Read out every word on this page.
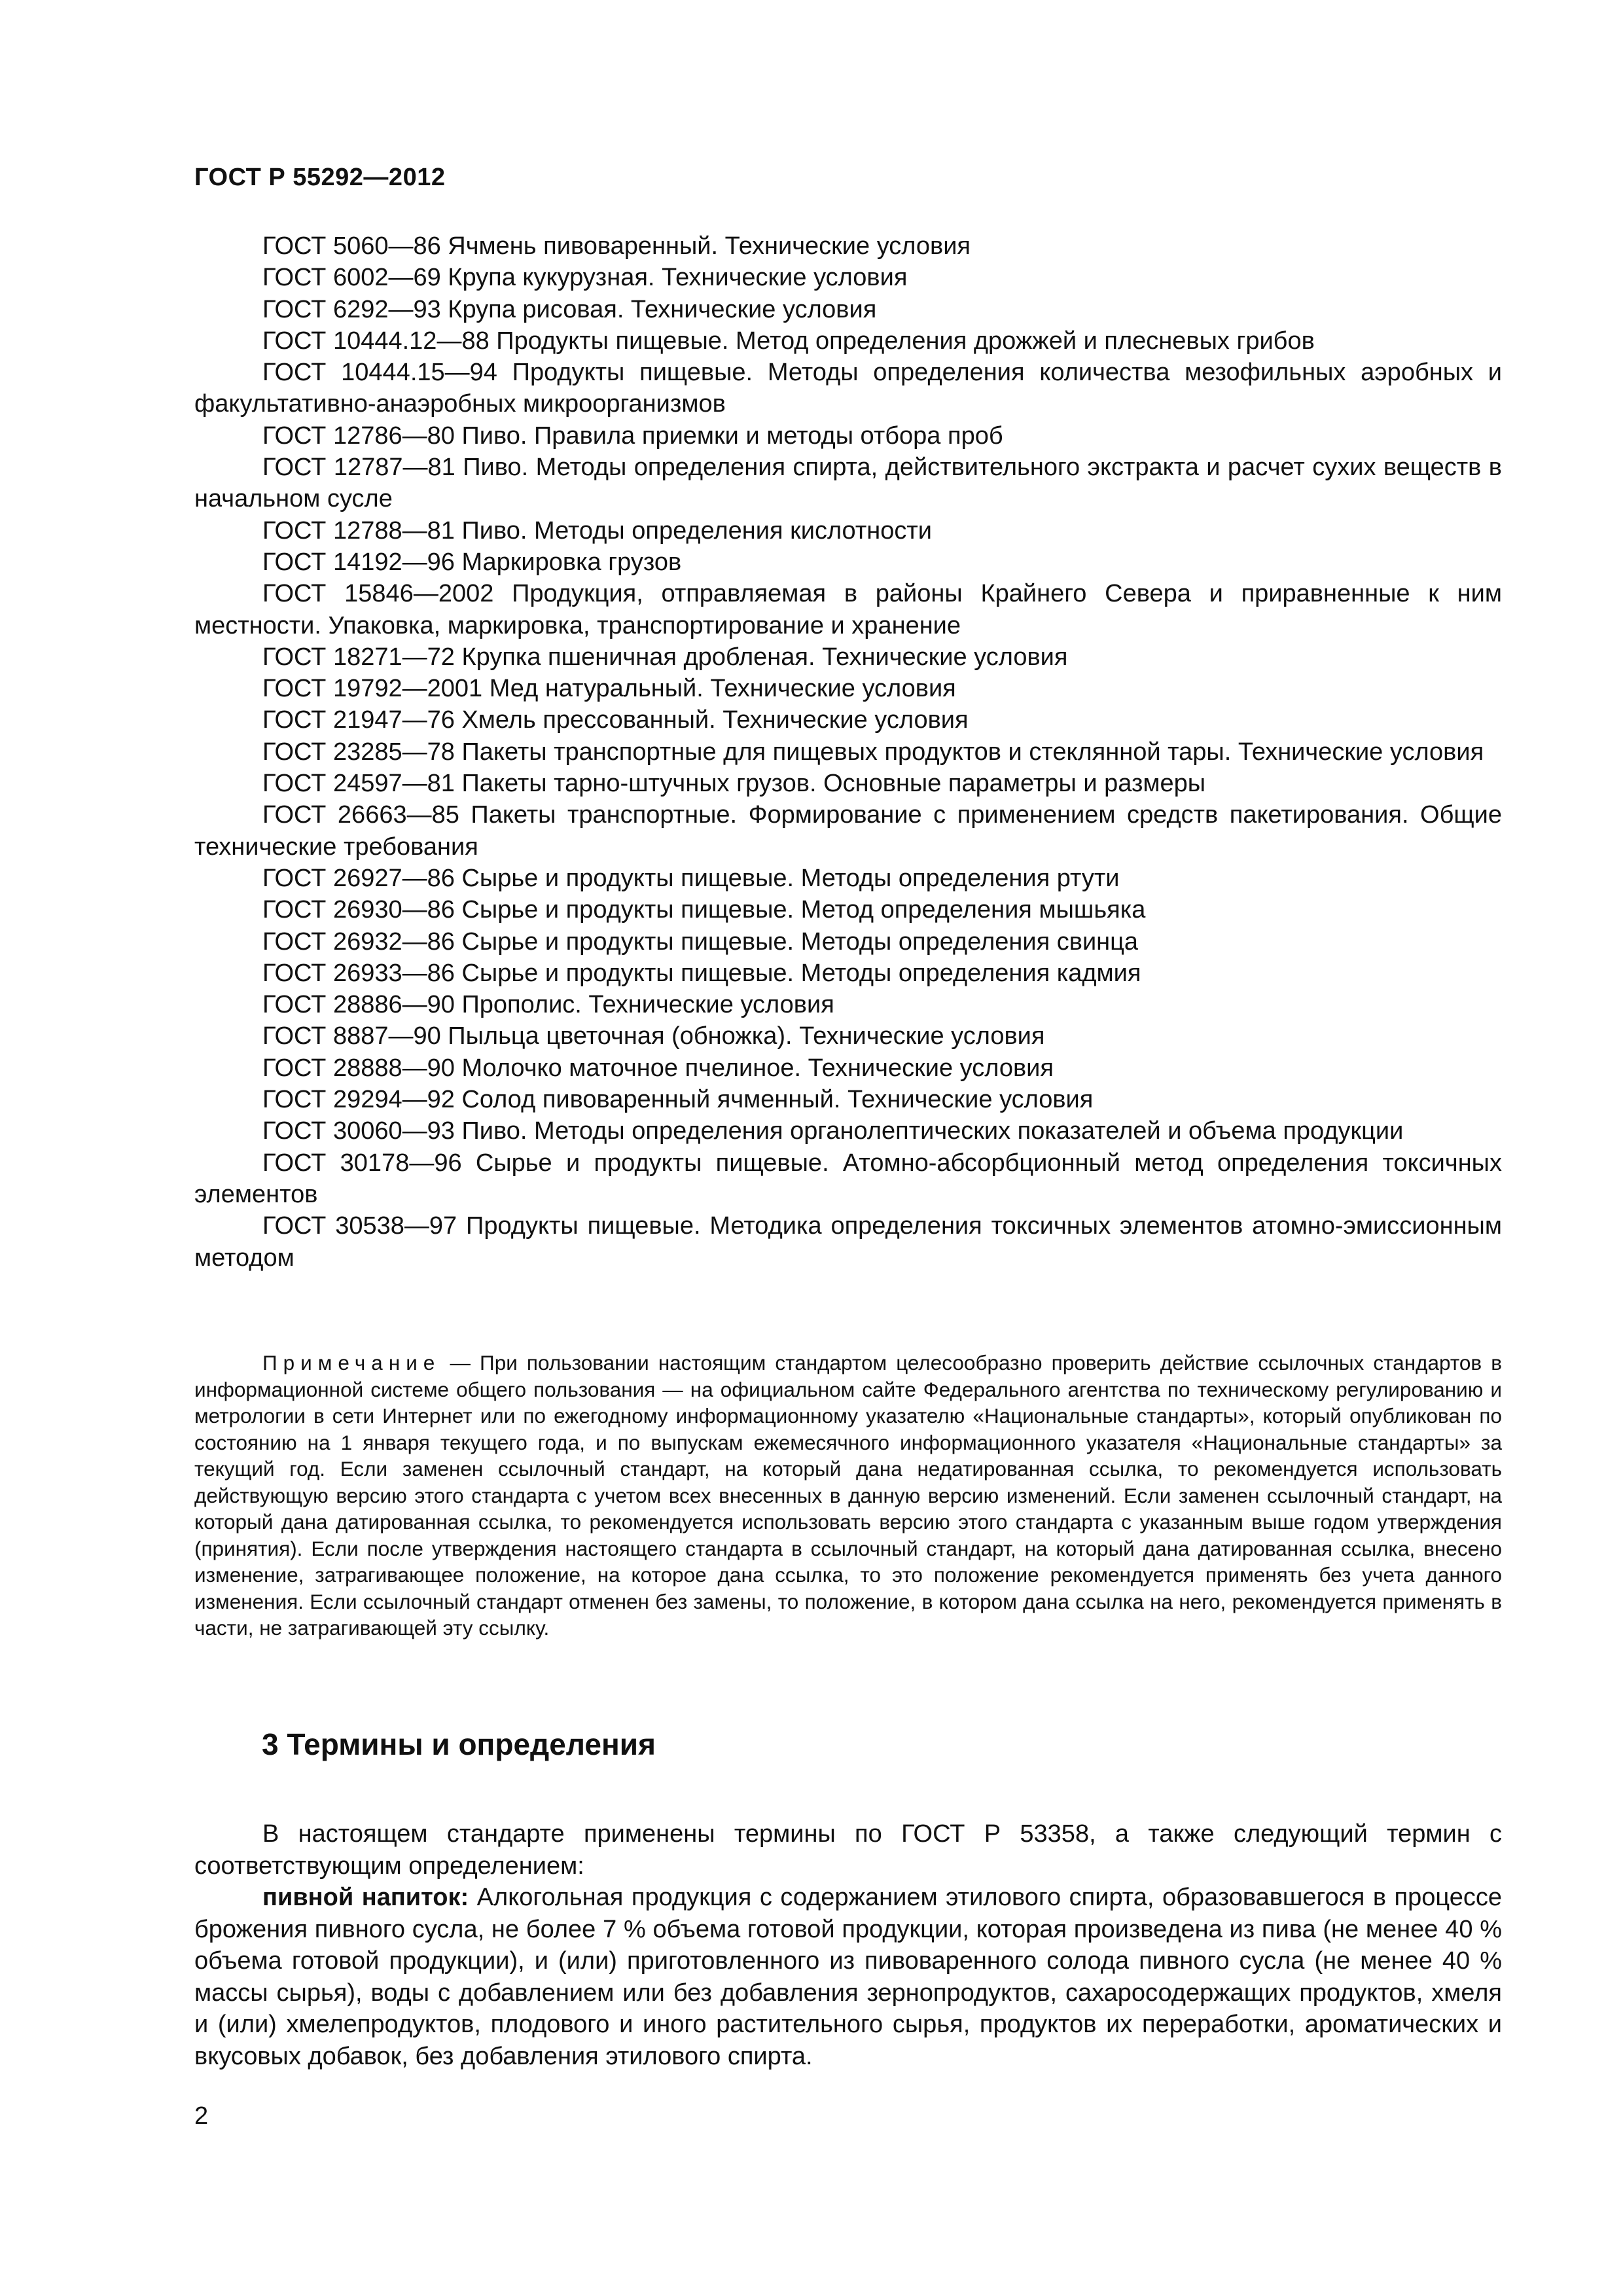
ГОСТ Р 55292—2012

ГОСТ 5060—86 Ячмень пивоваренный. Технические условия

ГОСТ 6002—69 Крупа кукурузная. Технические условия

ГОСТ 6292—93 Крупа рисовая. Технические условия

ГОСТ 10444.12—88 Продукты пищевые. Метод определения дрожжей и плесневых грибов

ГОСТ 10444.15—94 Продукты пищевые. Методы определения количества мезофильных аэробных и факультативно-анаэробных микроорганизмов

ГОСТ 12786—80 Пиво. Правила приемки и методы отбора проб

ГОСТ 12787—81 Пиво. Методы определения спирта, действительного экстракта и расчет сухих веществ в начальном сусле

ГОСТ 12788—81 Пиво. Методы определения кислотности

ГОСТ 14192—96 Маркировка грузов

ГОСТ 15846—2002 Продукция, отправляемая в районы Крайнего Севера и приравненные к ним местности. Упаковка, маркировка, транспортирование и хранение

ГОСТ 18271—72 Крупка пшеничная дробленая. Технические условия

ГОСТ 19792—2001 Мед натуральный. Технические условия

ГОСТ 21947—76 Хмель прессованный. Технические условия

ГОСТ 23285—78 Пакеты транспортные для пищевых продуктов и стеклянной тары. Технические условия

ГОСТ 24597—81 Пакеты тарно-штучных грузов. Основные параметры и размеры

ГОСТ 26663—85 Пакеты транспортные. Формирование с применением средств пакетирования. Общие технические требования

ГОСТ 26927—86 Сырье и продукты пищевые. Методы определения ртути

ГОСТ 26930—86 Сырье и продукты пищевые. Метод определения мышьяка

ГОСТ 26932—86 Сырье и продукты пищевые. Методы определения свинца

ГОСТ 26933—86 Сырье и продукты пищевые. Методы определения кадмия

ГОСТ 28886—90 Прополис. Технические условия

ГОСТ 8887—90 Пыльца цветочная (обножка). Технические условия

ГОСТ 28888—90 Молочко маточное пчелиное. Технические условия

ГОСТ 29294—92 Солод пивоваренный ячменный. Технические условия

ГОСТ 30060—93 Пиво. Методы определения органолептических показателей и объема продукции

ГОСТ 30178—96 Сырье и продукты пищевые. Атомно-абсорбционный метод определения токсичных элементов

ГОСТ 30538—97 Продукты пищевые. Методика определения токсичных элементов атомно-эмиссионным методом

Примечание — При пользовании настоящим стандартом целесообразно проверить действие ссылочных стандартов в информационной системе общего пользования — на официальном сайте Федерального агентства по техническому регулированию и метрологии в сети Интернет или по ежегодному информационному указателю «Национальные стандарты», который опубликован по состоянию на 1 января текущего года, и по выпускам ежемесячного информационного указателя «Национальные стандарты» за текущий год. Если заменен ссылочный стандарт, на который дана недатированная ссылка, то рекомендуется использовать действующую версию этого стандарта с учетом всех внесенных в данную версию изменений. Если заменен ссылочный стандарт, на который дана датированная ссылка, то рекомендуется использовать версию этого стандарта с указанным выше годом утверждения (принятия). Если после утверждения настоящего стандарта в ссылочный стандарт, на который дана датированная ссылка, внесено изменение, затрагивающее положение, на которое дана ссылка, то это положение рекомендуется применять без учета данного изменения. Если ссылочный стандарт отменен без замены, то положение, в котором дана ссылка на него, рекомендуется применять в части, не затрагивающей эту ссылку.

3 Термины и определения

В настоящем стандарте применены термины по ГОСТ Р 53358, а также следующий термин с соответствующим определением:

пивной напиток: Алкогольная продукция с содержанием этилового спирта, образовавшегося в процессе брожения пивного сусла, не более 7 % объема готовой продукции, которая произведена из пива (не менее 40 % объема готовой продукции), и (или) приготовленного из пивоваренного солода пивного сусла (не менее 40 % массы сырья), воды с добавлением или без добавления зернопродуктов, сахаросодержащих продуктов, хмеля и (или) хмелепродуктов, плодового и иного растительного сырья, продуктов их переработки, ароматических и вкусовых добавок, без добавления этилового спирта.

2
